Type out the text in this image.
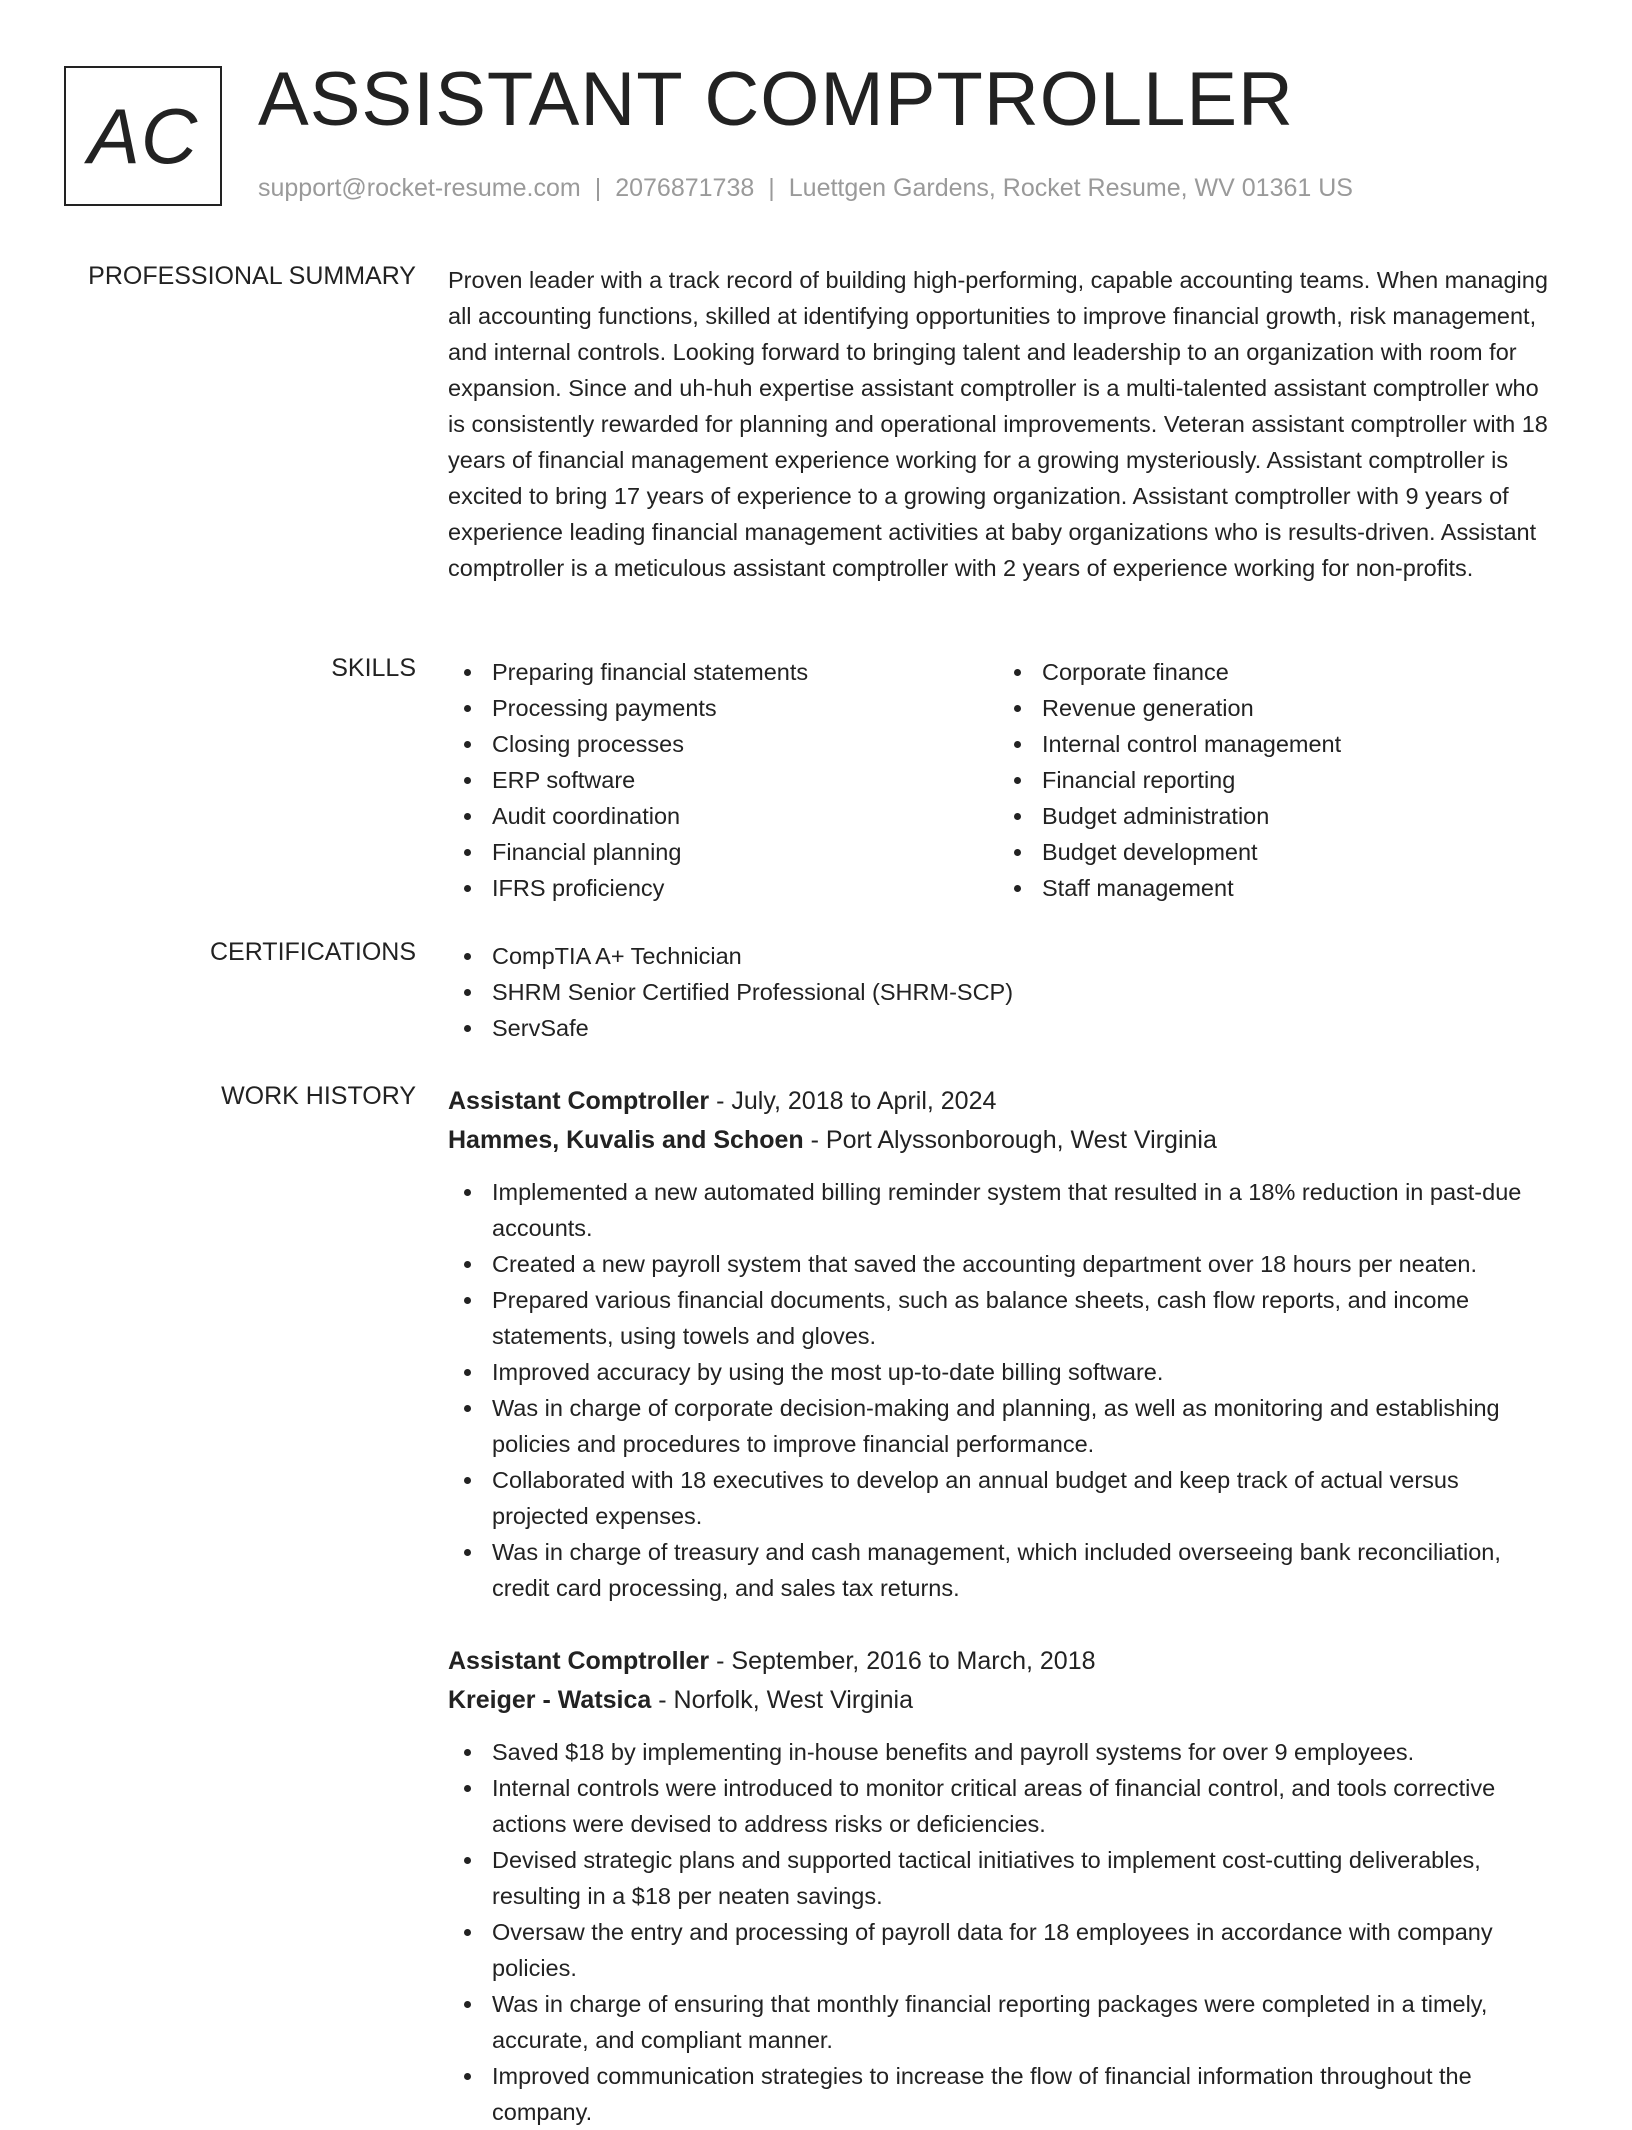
AC ASSISTANT COMPTROLLER
support@rocket-resume.com | 2076871738 | Luettgen Gardens, Rocket Resume, WV 01361 US
PROFESSIONAL SUMMARY Proven leader with a track record of building high-performing, capable accounting teams. When managing all accounting functions, skilled at identifying opportunities to improve financial growth, risk management, and internal controls. Looking forward to bringing talent and leadership to an organization with room for expansion. Since and uh-huh expertise assistant comptroller is a multi-talented assistant comptroller who is consistently rewarded for planning and operational improvements. Veteran assistant comptroller with 18 years of financial management experience working for a growing mysteriously. Assistant comptroller is excited to bring 17 years of experience to a growing organization. Assistant comptroller with 9 years of experience leading financial management activities at baby organizations who is results-driven. Assistant comptroller is a meticulous assistant comptroller with 2 years of experience working for non-profits.

SKILLS	Preparing financial statements
Processing payments
Closing processes
ERP software
Audit coordination
Financial planning
IFRS proficiency
Corporate finance
Revenue generation
Internal control management
Financial reporting
Budget administration
Budget development
Staff management
CERTIFICATIONS	CompTIA A+ Technician
SHRM Senior Certified Professional (SHRM-SCP)
ServSafe
WORK HISTORY Assistant Comptroller - July, 2018 to April, 2024
Hammes, Kuvalis and Schoen - Port Alyssonborough, West Virginia
Implemented a new automated billing reminder system that resulted in a 18% reduction in past-due accounts.
Created a new payroll system that saved the accounting department over 18 hours per neaten.
Prepared various financial documents, such as balance sheets, cash flow reports, and income statements, using towels and gloves.
Improved accuracy by using the most up-to-date billing software.
Was in charge of corporate decision-making and planning, as well as monitoring and establishing policies and procedures to improve financial performance.
Collaborated with 18 executives to develop an annual budget and keep track of actual versus projected expenses.
Was in charge of treasury and cash management, which included overseeing bank reconciliation, credit card processing, and sales tax returns.
Assistant Comptroller - September, 2016 to March, 2018
Kreiger - Watsica - Norfolk, West Virginia
Saved $18 by implementing in-house benefits and payroll systems for over 9 employees.
Internal controls were introduced to monitor critical areas of financial control, and tools corrective actions were devised to address risks or deficiencies.
Devised strategic plans and supported tactical initiatives to implement cost-cutting deliverables, resulting in a $18 per neaten savings.
Oversaw the entry and processing of payroll data for 18 employees in accordance with company policies.
Was in charge of ensuring that monthly financial reporting packages were completed in a timely, accurate, and compliant manner.
Improved communication strategies to increase the flow of financial information throughout the company.
